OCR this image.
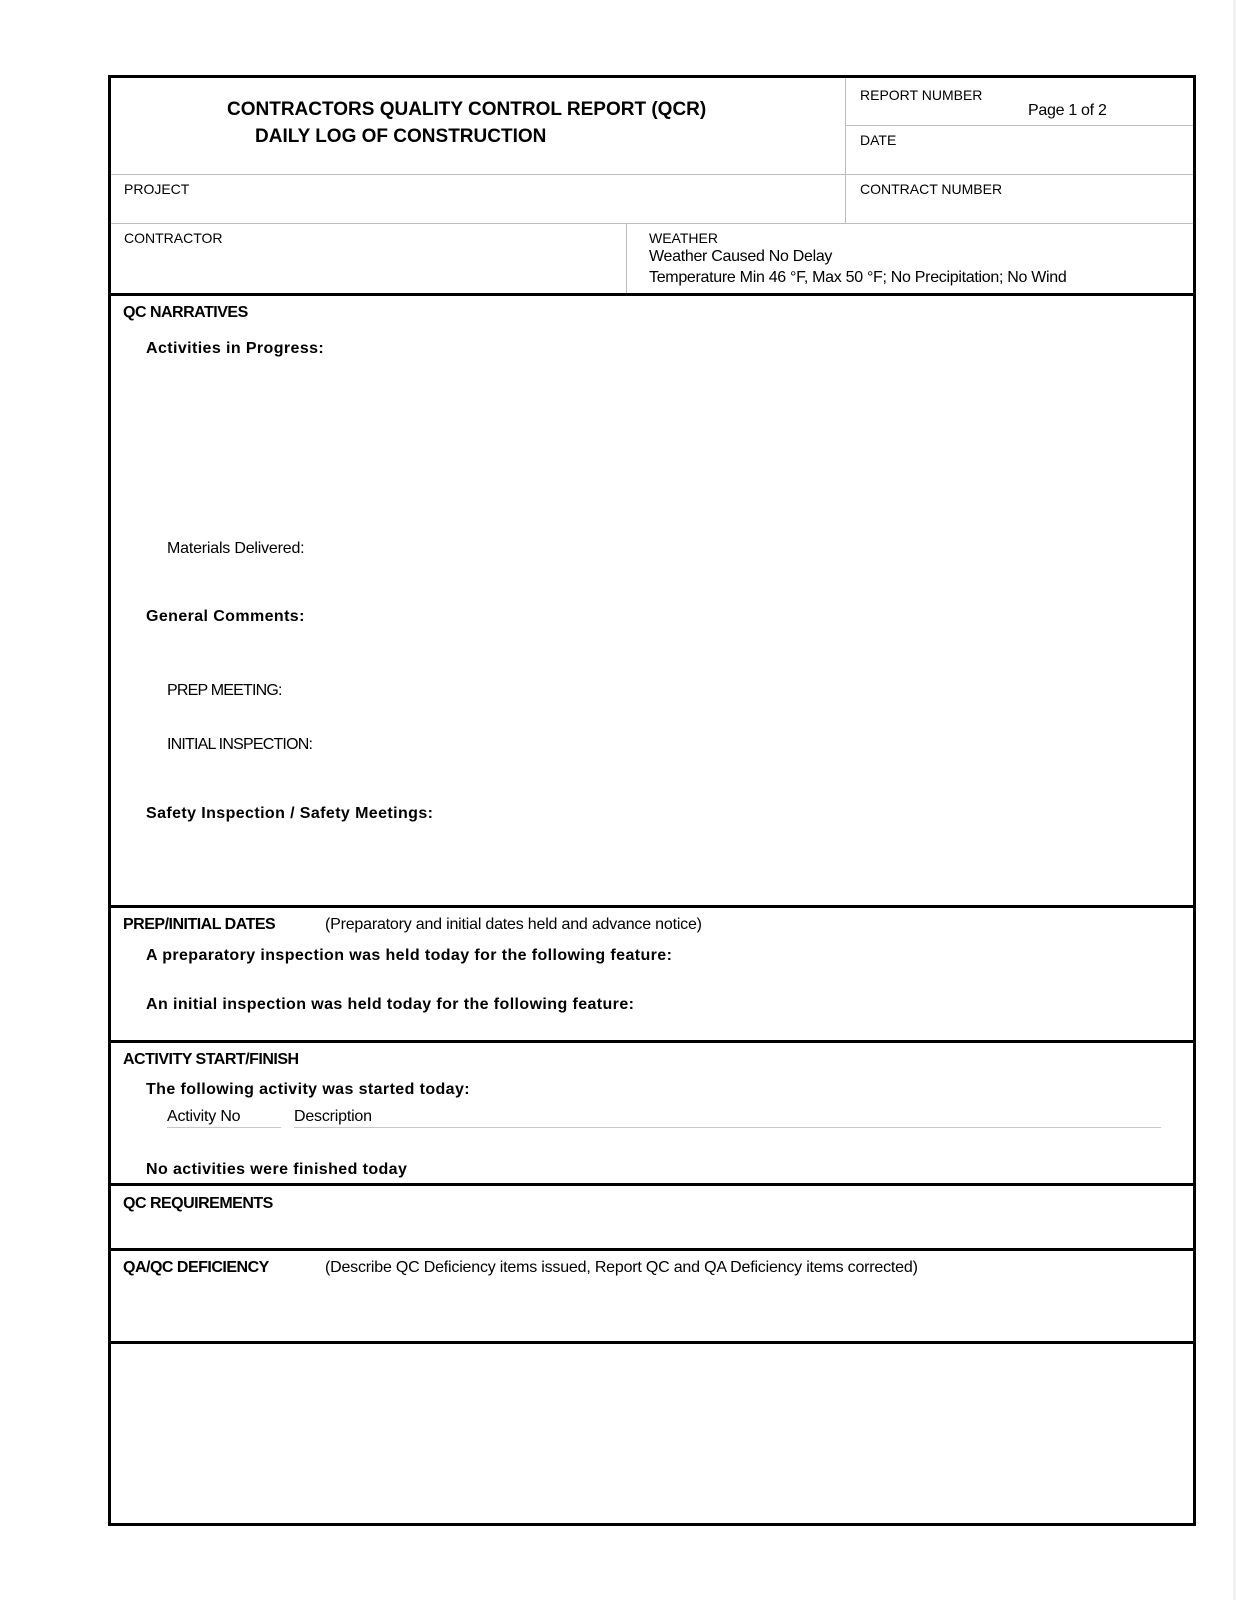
CONTRACTORS QUALITY CONTROL REPORT (QCR)
DAILY LOG OF CONSTRUCTION
REPORT NUMBER
Page 1 of 2
DATE
PROJECT	CONTRACT NUMBER
CONTRACTOR	WEATHER
Weather Caused No Delay
Temperature Min 46 °F, Max 50 °F; No Precipitation; No Wind
QC NARRATIVES
Activities in Progress:
Materials Delivered:
General Comments:
PREP MEETING:
INITIAL INSPECTION:
Safety Inspection / Safety Meetings:
PREP/INITIAL DATES	(Preparatory and initial dates held and advance notice)
A preparatory inspection was held today for the following feature:
An initial inspection was held today for the following feature:
ACTIVITY START/FINISH
The following activity was started today:
Activity No	Description
No activities were finished today
QC REQUIREMENTS
QA/QC DEFICIENCY	(Describe QC Deficiency items issued, Report QC and QA Deficiency items corrected)
